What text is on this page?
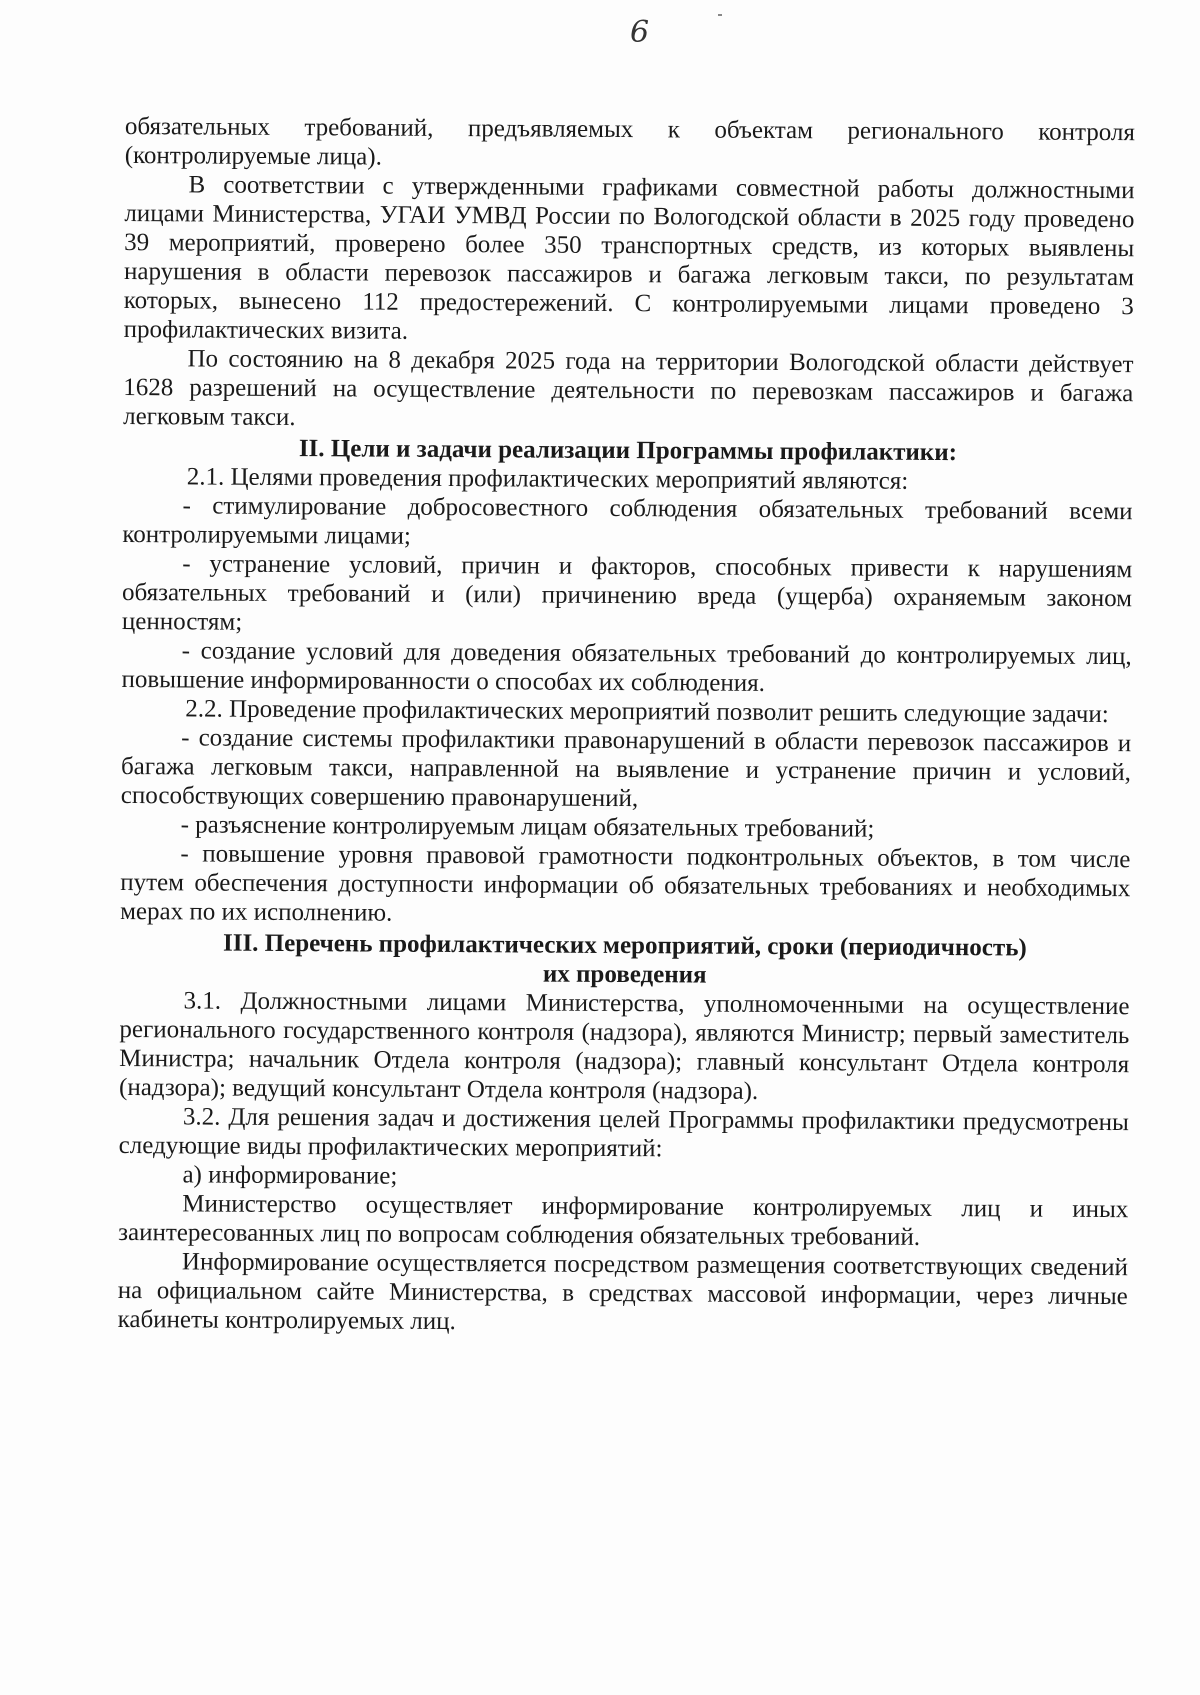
6

обязательных требований, предъявляемых к объектам регионального контроля (контролируемые лица).

В соответствии с утвержденными графиками совместной работы должностными лицами Министерства, УГАИ УМВД России по Вологодской области в 2025 году проведено 39 мероприятий, проверено более 350 транспортных средств, из которых выявлены нарушения в области перевозок пассажиров и багажа легковым такси, по результатам которых, вынесено 112 предостережений. С контролируемыми лицами проведено 3 профилактических визита.

По состоянию на 8 декабря 2025 года на территории Вологодской области действует 1628 разрешений на осуществление деятельности по перевозкам пассажиров и багажа легковым такси.

II. Цели и задачи реализации Программы профилактики:

2.1. Целями проведения профилактических мероприятий являются:

- стимулирование добросовестного соблюдения обязательных требований всеми контролируемыми лицами;

- устранение условий, причин и факторов, способных привести к нарушениям обязательных требований и (или) причинению вреда (ущерба) охраняемым законом ценностям;

- создание условий для доведения обязательных требований до контролируемых лиц, повышение информированности о способах их соблюдения.

2.2. Проведение профилактических мероприятий позволит решить следующие задачи:

- создание системы профилактики правонарушений в области перевозок пассажиров и багажа легковым такси, направленной на выявление и устранение причин и условий, способствующих совершению правонарушений,

- разъяснение контролируемым лицам обязательных требований;

- повышение уровня правовой грамотности подконтрольных объектов, в том числе путем обеспечения доступности информации об обязательных требованиях и необходимых мерах по их исполнению.

III. Перечень профилактических мероприятий, сроки (периодичность)
их проведения

3.1. Должностными лицами Министерства, уполномоченными на осуществление регионального государственного контроля (надзора), являются Министр; первый заместитель Министра; начальник Отдела контроля (надзора); главный консультант Отдела контроля (надзора); ведущий консультант Отдела контроля (надзора).

3.2. Для решения задач и достижения целей Программы профилактики предусмотрены следующие виды профилактических мероприятий:

а) информирование;

Министерство осуществляет информирование контролируемых лиц и иных заинтересованных лиц по вопросам соблюдения обязательных требований.

Информирование осуществляется посредством размещения соответствующих сведений на официальном сайте Министерства, в средствах массовой информации, через личные кабинеты контролируемых лиц.
